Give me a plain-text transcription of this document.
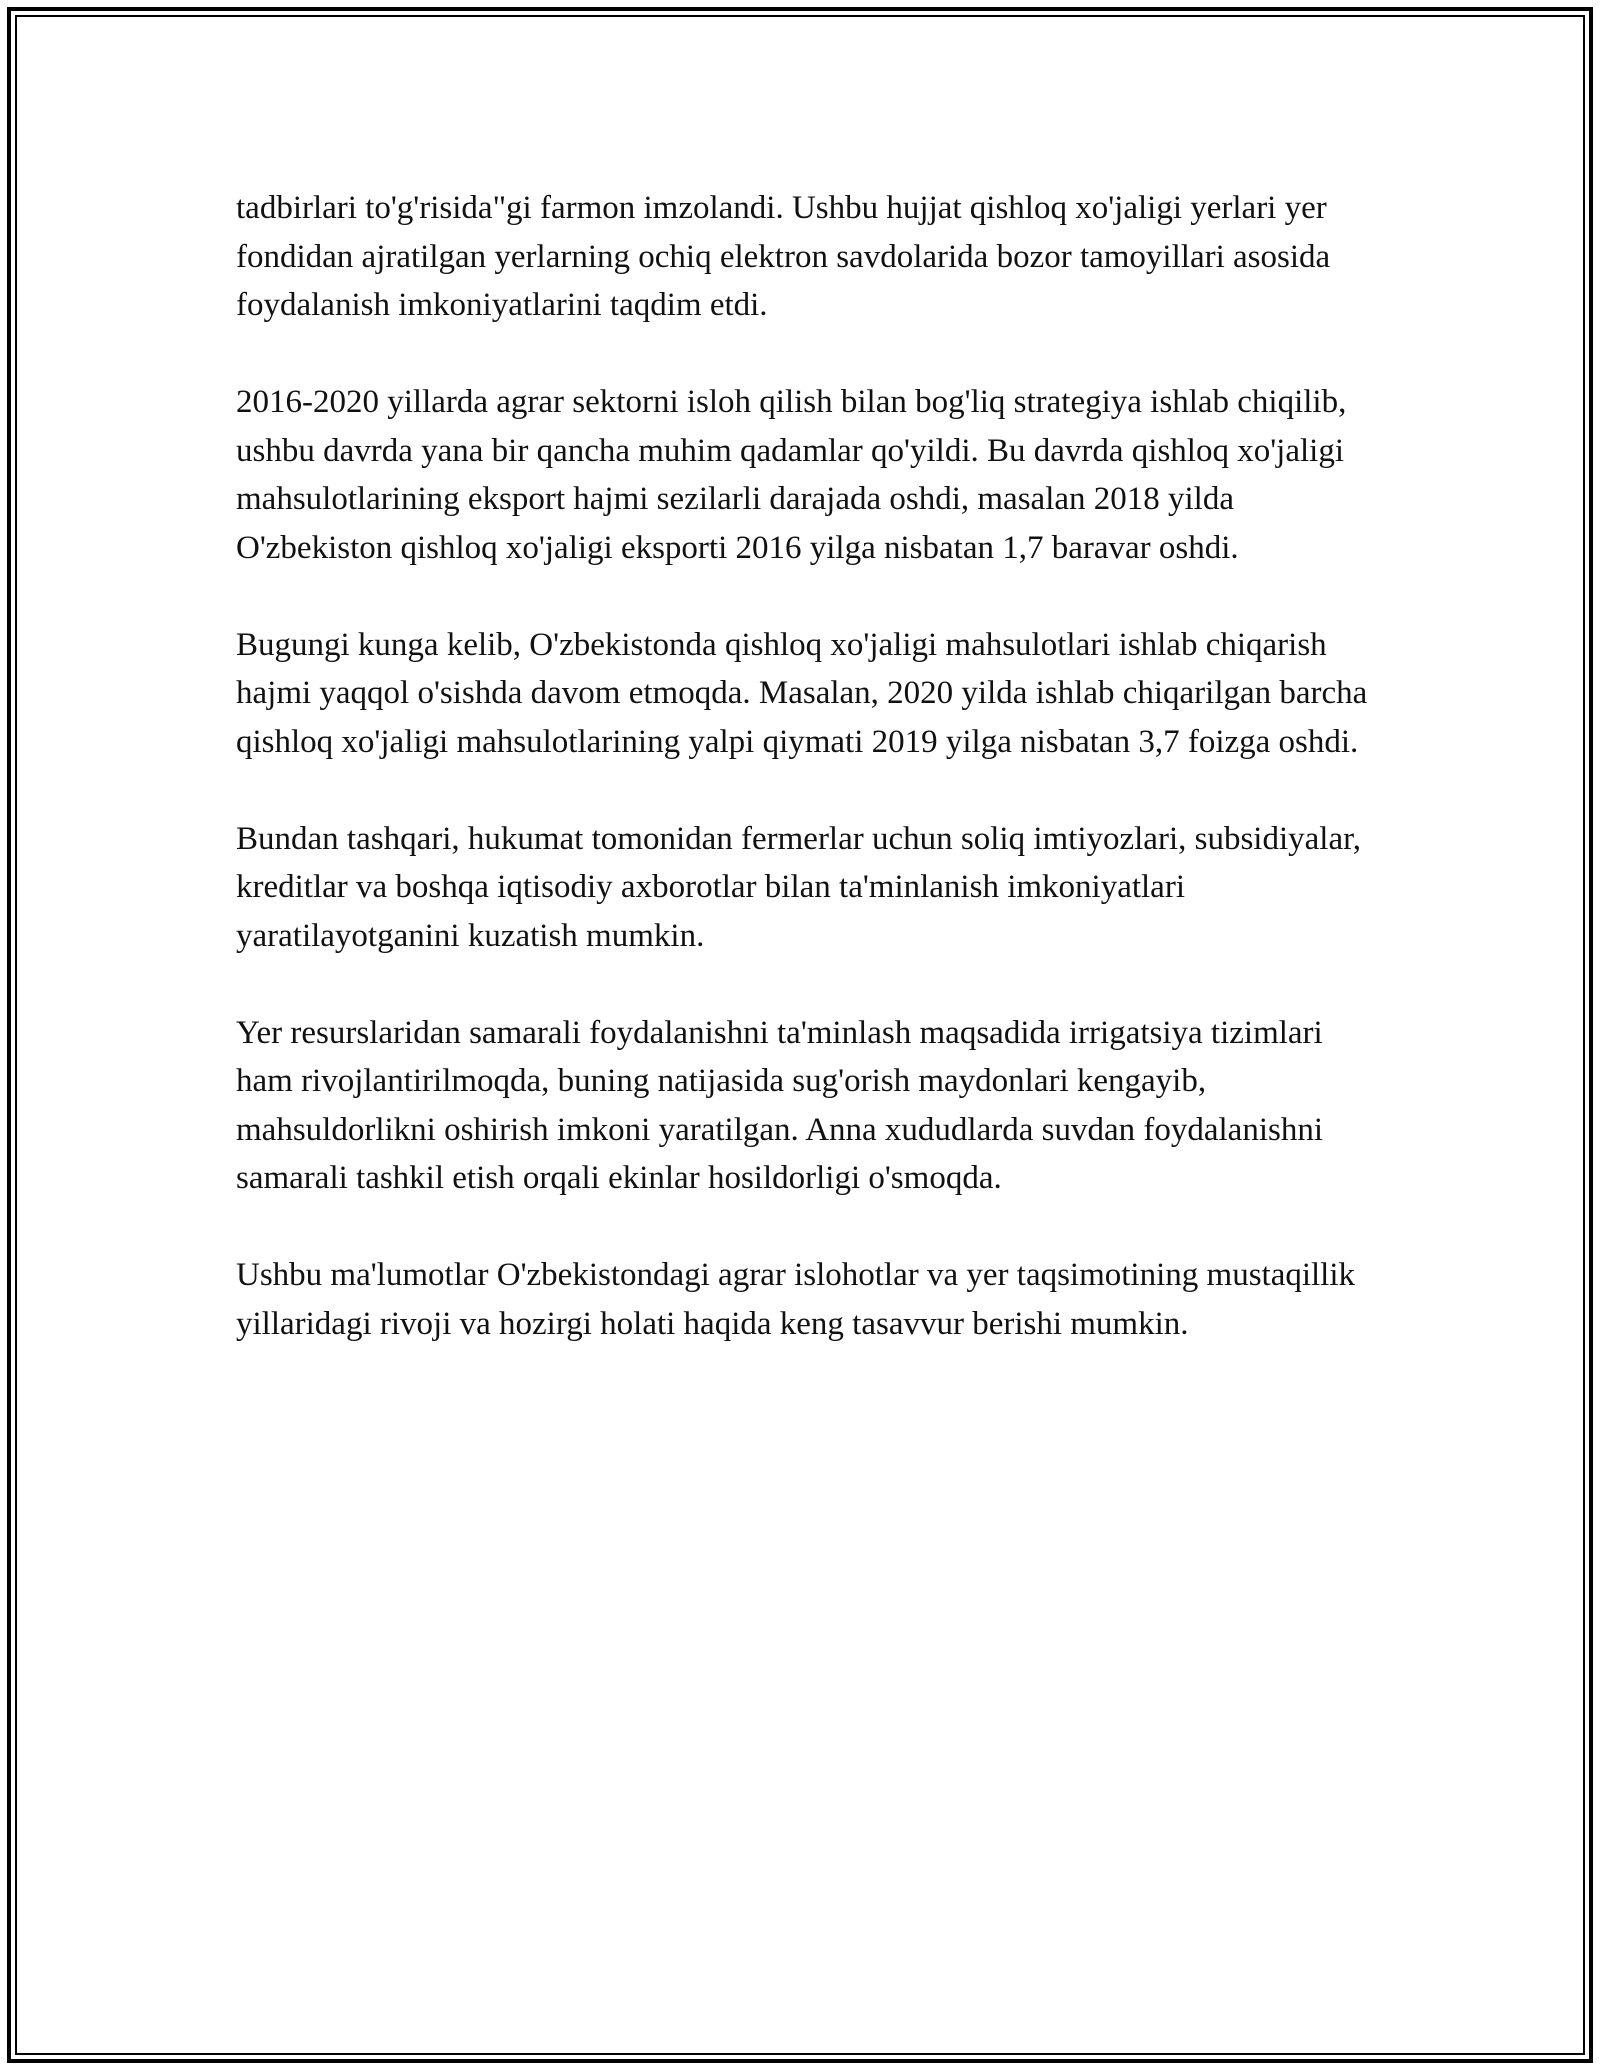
tadbirlari to'g'risida"gi farmon imzolandi. Ushbu hujjat qishloq xo'jaligi yerlari yer fondidan ajratilgan yerlarning ochiq elektron savdolarida bozor tamoyillari asosida foydalanish imkoniyatlarini taqdim etdi.

2016-2020 yillarda agrar sektorni isloh qilish bilan bog'liq strategiya ishlab chiqilib, ushbu davrda yana bir qancha muhim qadamlar qo'yildi. Bu davrda qishloq xo'jaligi mahsulotlarining eksport hajmi sezilarli darajada oshdi, masalan 2018 yilda O'zbekiston qishloq xo'jaligi eksporti 2016 yilga nisbatan 1,7 baravar oshdi.

Bugungi kunga kelib, O'zbekistonda qishloq xo'jaligi mahsulotlari ishlab chiqarish hajmi yaqqol o'sishda davom etmoqda. Masalan, 2020 yilda ishlab chiqarilgan barcha qishloq xo'jaligi mahsulotlarining yalpi qiymati 2019 yilga nisbatan 3,7 foizga oshdi.

Bundan tashqari, hukumat tomonidan fermerlar uchun soliq imtiyozlari, subsidiyalar, kreditlar va boshqa iqtisodiy axborotlar bilan ta'minlanish imkoniyatlari yaratilayotganini kuzatish mumkin.

Yer resurslaridan samarali foydalanishni ta'minlash maqsadida irrigatsiya tizimlari ham rivojlantirilmoqda, buning natijasida sug'orish maydonlari kengayib, mahsuldorlikni oshirish imkoni yaratilgan. Anna xududlarda suvdan foydalanishni samarali tashkil etish orqali ekinlar hosildorligi o'smoqda.

Ushbu ma'lumotlar O'zbekistondagi agrar islohotlar va yer taqsimotining mustaqillik yillaridagi rivoji va hozirgi holati haqida keng tasavvur berishi mumkin.
